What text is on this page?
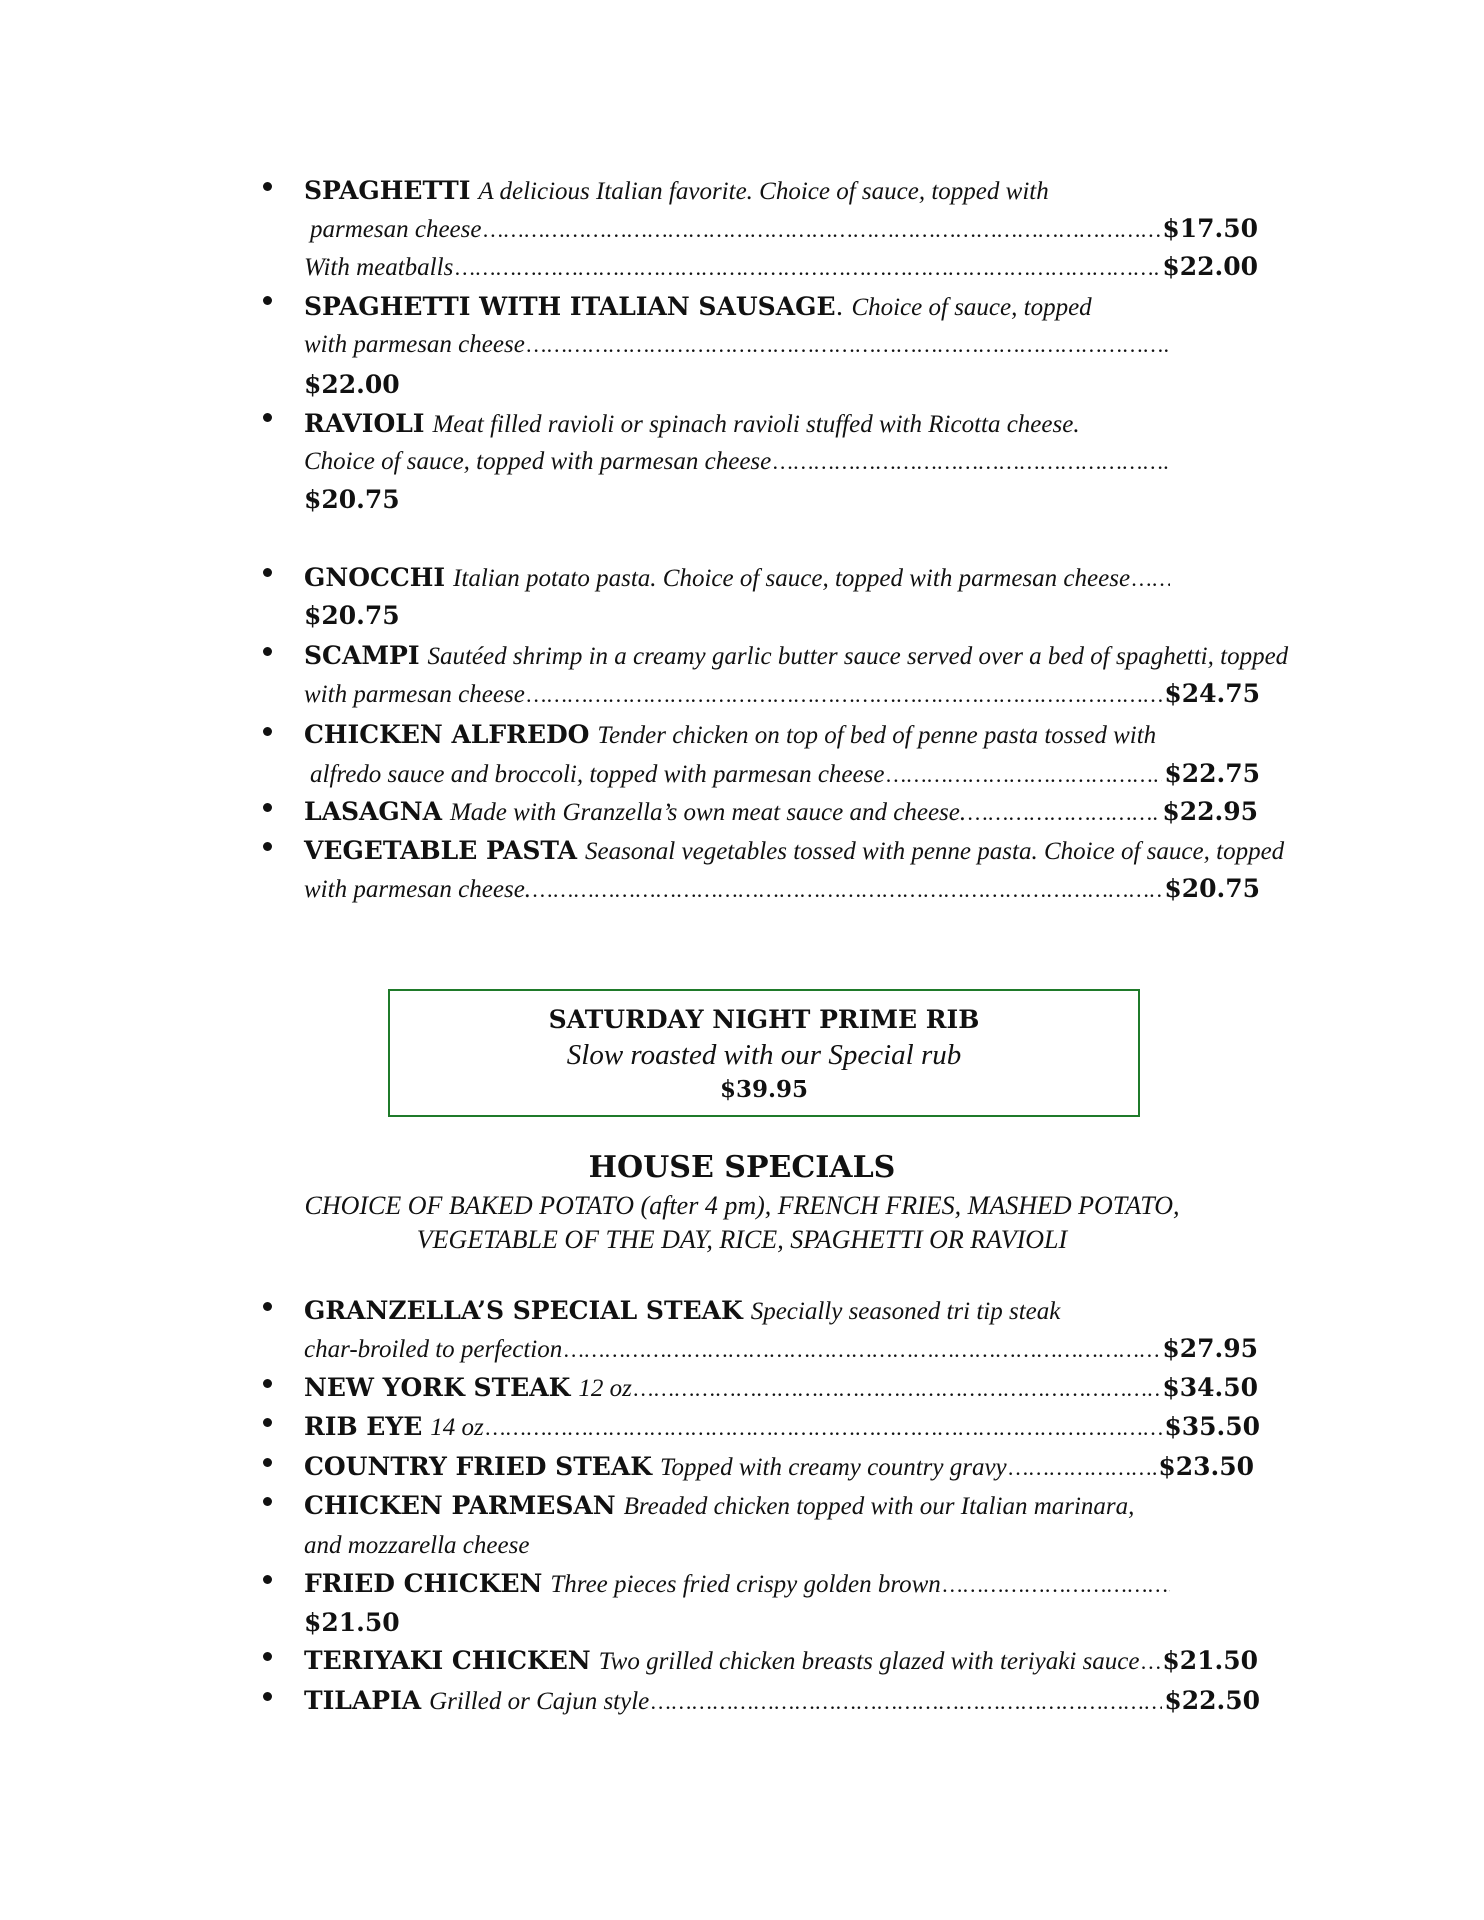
SPAGHETTI A delicious Italian favorite. Choice of sauce, topped with
parmesan cheese ……………………………………………………………………………………………………………………………………………………………………………………	$17.50
With meatballs ……………………………………………………………………………………………………………………………………………………………………………………	$22.00
SPAGHETTI WITH ITALIAN SAUSAGE. Choice of sauce, topped
with parmesan cheese
……………………………………………………………………………………………………………………………………………………………………………………
$22.00
RAVIOLI Meat filled ravioli or spinach ravioli stuffed with Ricotta cheese.
Choice of sauce, topped with parmesan cheese
……………………………………………………………………………………………………………………………………………………………………………………
$20.75
GNOCCHI
Italian potato pasta. Choice of sauce, topped with parmesan cheese
……………………………………………………………………………………………………………………………………………………………………………………
$20.75
SCAMPI Sautéed shrimp in a creamy garlic butter sauce served over a bed of spaghetti, topped
with parmesan cheese ……………………………………………………………………………………………………………………………………………………………………………………	$24.75
CHICKEN ALFREDO Tender chicken on top of bed of penne pasta tossed with
alfredo sauce and broccoli, topped with parmesan cheese ……………………………………………………………………………………………………………………………………………………………………………………	$22.75
LASAGNA
Made with Granzella’s own meat sauce and cheese. ……………………………………………………………………………………………………………………………………………………………………………………	$22.95
VEGETABLE PASTA Seasonal vegetables tossed with penne pasta. Choice of sauce, topped
with parmesan cheese. ……………………………………………………………………………………………………………………………………………………………………………………	$20.75
SATURDAY NIGHT PRIME RIB
Slow roasted with our Special rub
$39.95
HOUSE SPECIALS
CHOICE OF BAKED POTATO (after 4 pm), FRENCH FRIES, MASHED POTATO,
VEGETABLE OF THE DAY, RICE, SPAGHETTI OR RAVIOLI
GRANZELLA’S SPECIAL STEAK Specially seasoned tri tip steak
char-broiled to perfection ……………………………………………………………………………………………………………………………………………………………………………………	$27.95
NEW YORK STEAK
12 oz ……………………………………………………………………………………………………………………………………………………………………………………	$34.50
RIB EYE
14 oz ……………………………………………………………………………………………………………………………………………………………………………………	$35.50
COUNTRY FRIED STEAK
Topped with creamy country gravy ……………………………………………………………………………………………………………………………………………………………………………………	$23.50
CHICKEN PARMESAN Breaded chicken topped with our Italian marinara,
and mozzarella cheese
FRIED CHICKEN
Three pieces fried crispy golden brown
……………………………………………………………………………………………………………………………………………………………………………………
$21.50
TERIYAKI CHICKEN
Two grilled chicken breasts glazed with teriyaki sauce …………………………………………………………………………………………………………………………………………………………………………………… $21.50
TILAPIA
Grilled or Cajun style ……………………………………………………………………………………………………………………………………………………………………………………	$22.50
